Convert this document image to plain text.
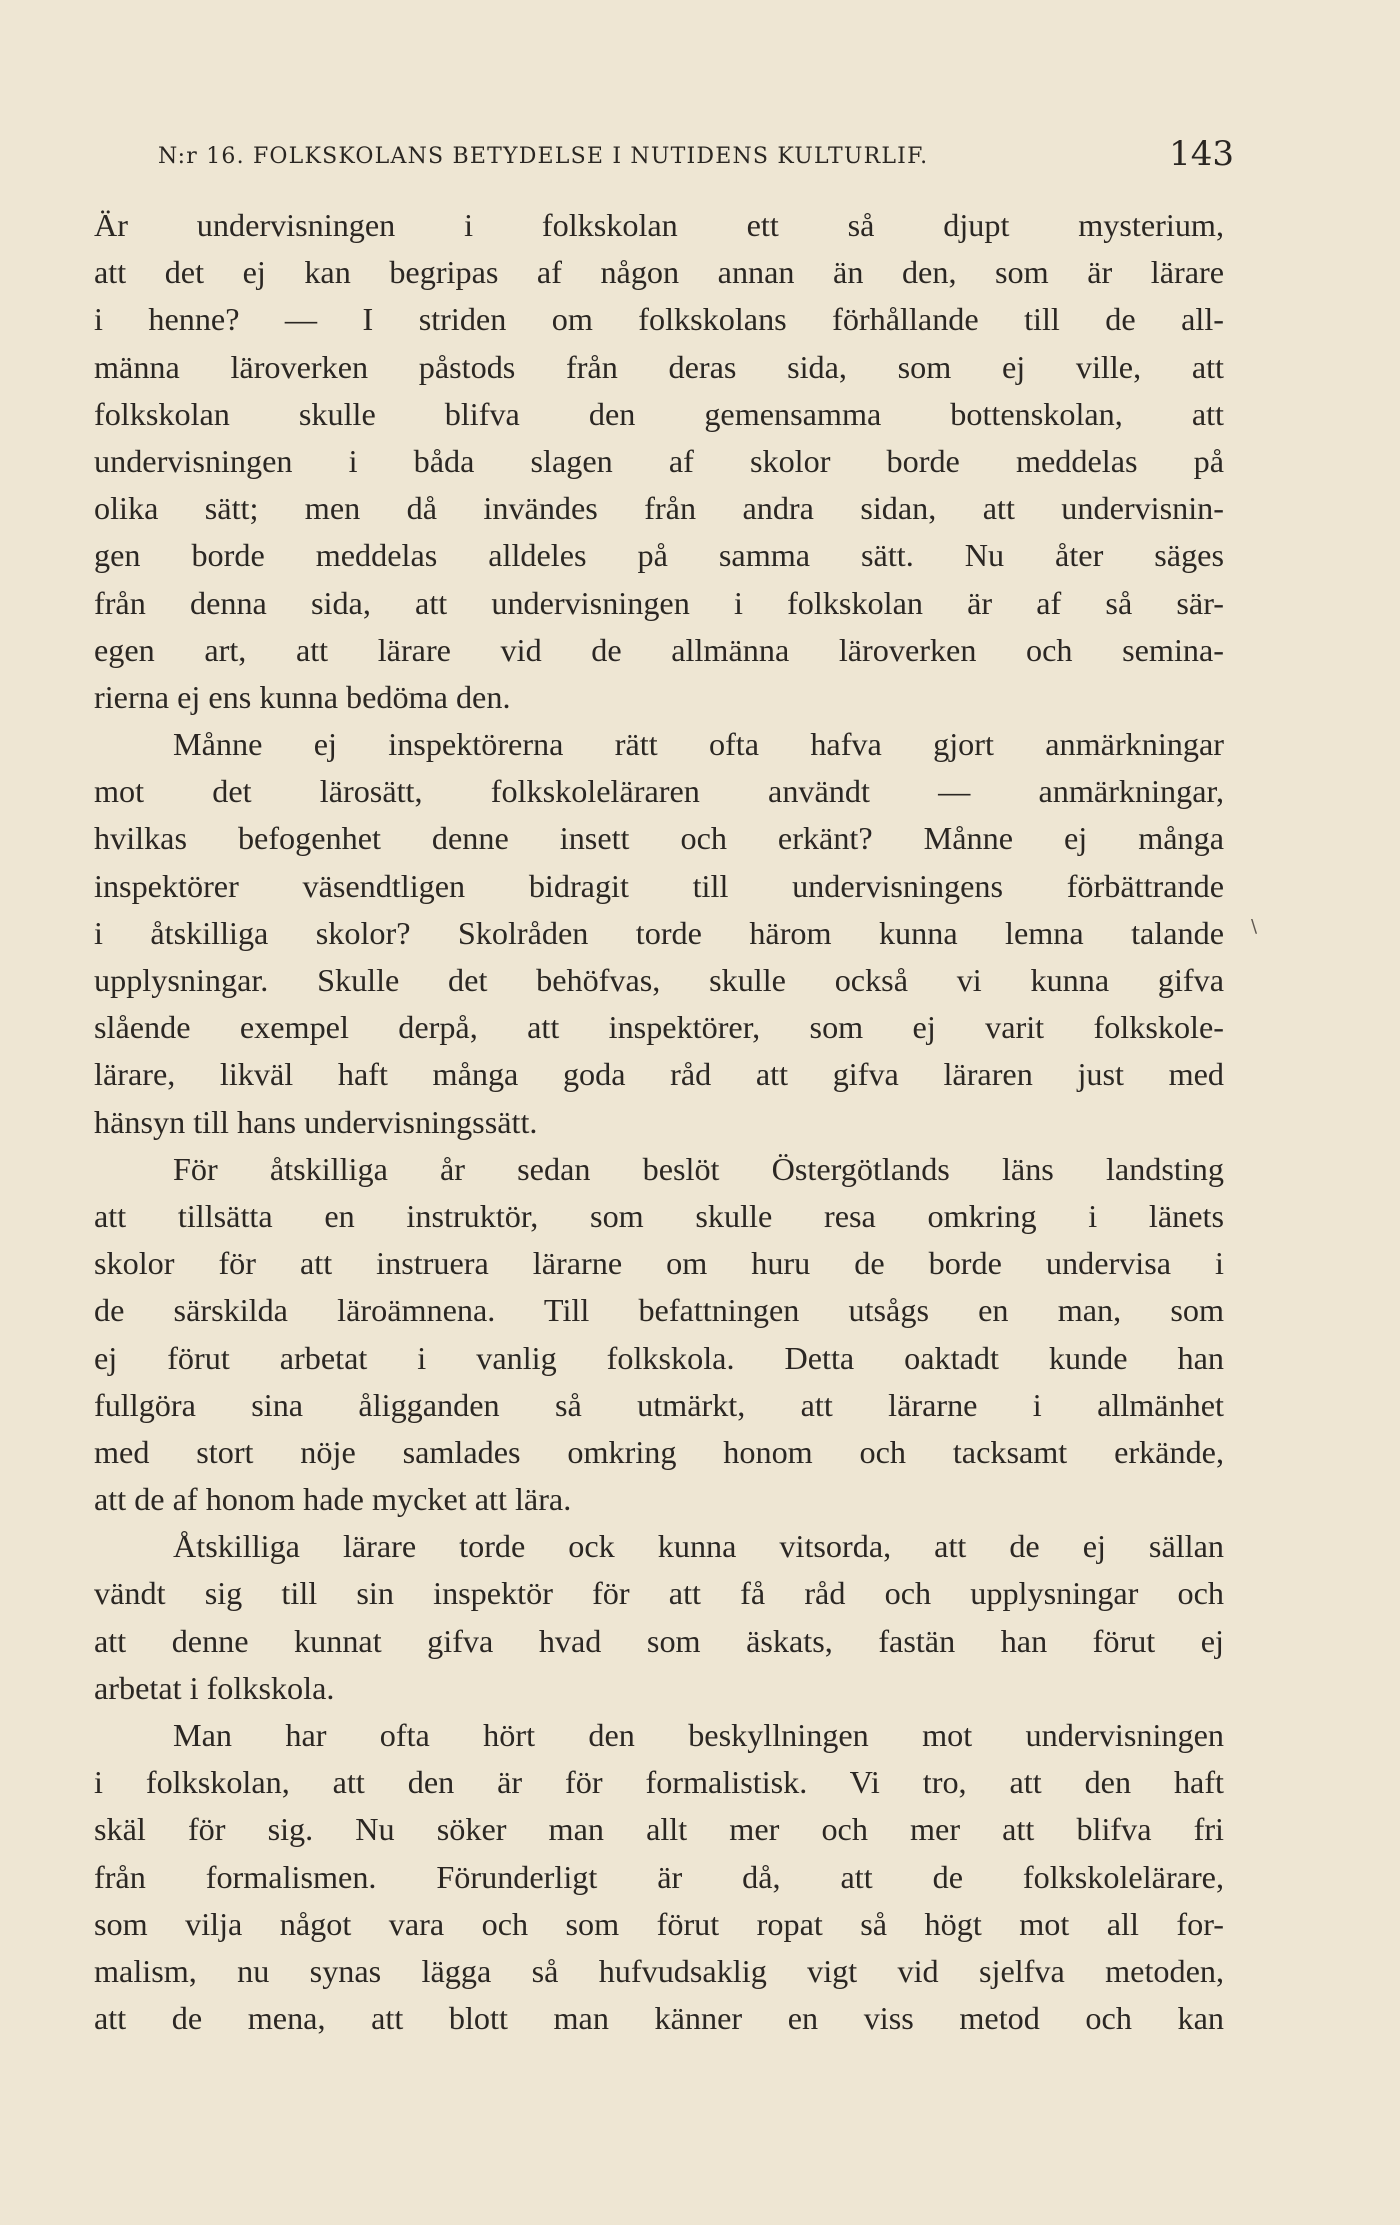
N:r 16. FOLKSKOLANS BETYDELSE I NUTIDENS KULTURLIF.	143
Är undervisningen i folkskolan ett så djupt mysterium,
att det ej kan begripas af någon annan än den, som är lärare
i henne? — I striden om folkskolans förhållande till de all-
männa läroverken påstods från deras sida, som ej ville, att
folkskolan skulle blifva den gemensamma bottenskolan, att
undervisningen i båda slagen af skolor borde meddelas på
olika sätt; men då invändes från andra sidan, att undervisnin-
gen borde meddelas alldeles på samma sätt. Nu åter säges
från denna sida, att undervisningen i folkskolan är af så sär-
egen art, att lärare vid de allmänna läroverken och semina-
rierna ej ens kunna bedöma den.
Månne ej inspektörerna rätt ofta hafva gjort anmärkningar
mot det lärosätt, folkskoleläraren användt — anmärkningar,
hvilkas befogenhet denne insett och erkänt? Månne ej många
inspektörer väsendtligen bidragit till undervisningens förbättrande
i åtskilliga skolor? Skolråden torde härom kunna lemna talande
upplysningar. Skulle det behöfvas, skulle också vi kunna gifva
slående exempel derpå, att inspektörer, som ej varit folkskole-
lärare, likväl haft många goda råd att gifva läraren just med
hänsyn till hans undervisningssätt.
För åtskilliga år sedan beslöt Östergötlands läns landsting
att tillsätta en instruktör, som skulle resa omkring i länets
skolor för att instruera lärarne om huru de borde undervisa i
de särskilda läroämnena. Till befattningen utsågs en man, som
ej förut arbetat i vanlig folkskola. Detta oaktadt kunde han
fullgöra sina åligganden så utmärkt, att lärarne i allmänhet
med stort nöje samlades omkring honom och tacksamt erkände,
att de af honom hade mycket att lära.
Åtskilliga lärare torde ock kunna vitsorda, att de ej sällan
vändt sig till sin inspektör för att få råd och upplysningar och
att denne kunnat gifva hvad som äskats, fastän han förut ej
arbetat i folkskola.
Man har ofta hört den beskyllningen mot undervisningen
i folkskolan, att den är för formalistisk. Vi tro, att den haft
skäl för sig. Nu söker man allt mer och mer att blifva fri
från formalismen. Förunderligt är då, att de folkskolelärare,
som vilja något vara och som förut ropat så högt mot all for-
malism, nu synas lägga så hufvudsaklig vigt vid sjelfva metoden,
att de mena, att blott man känner en viss metod och kan
\
